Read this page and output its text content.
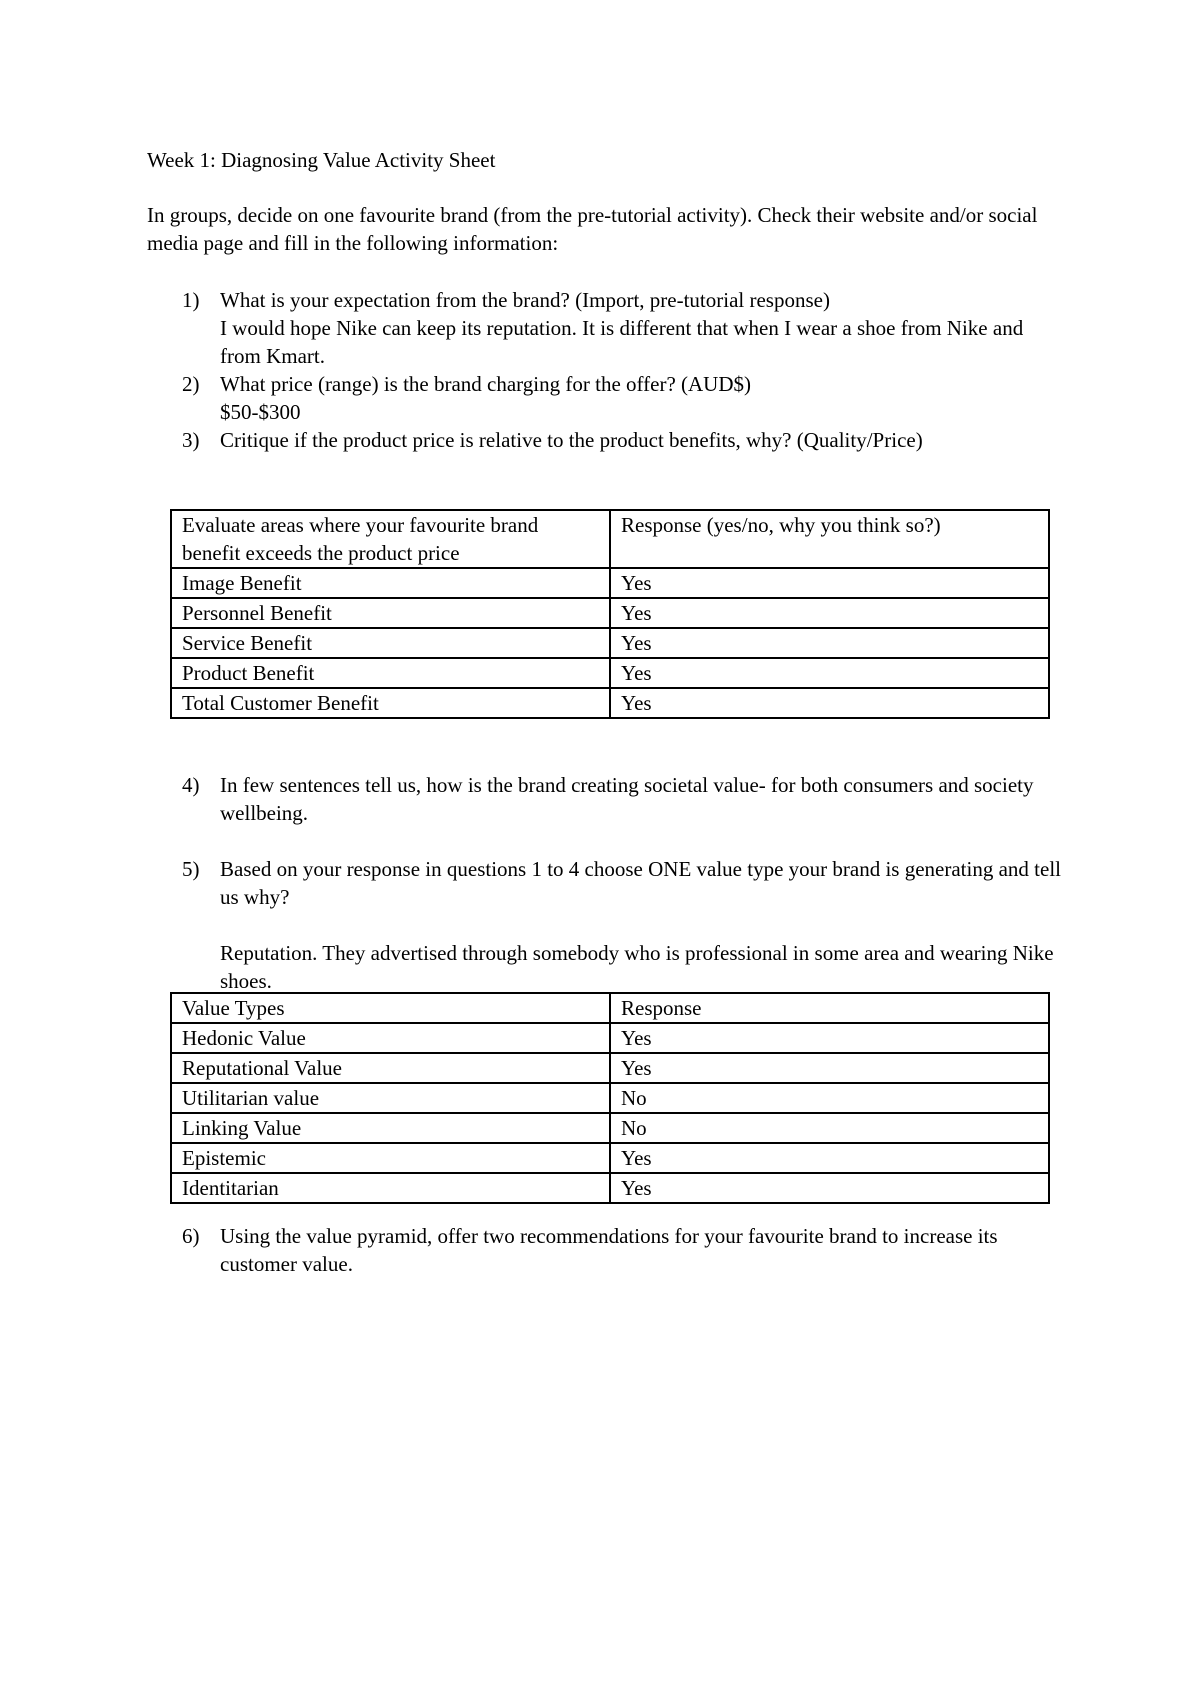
Week 1: Diagnosing Value Activity Sheet

In groups, decide on one favourite brand (from the pre-tutorial activity). Check their website and/or social media page and fill in the following information:

1) What is your expectation from the brand? (Import, pre-tutorial response)
I would hope Nike can keep its reputation. It is different that when I wear a shoe from Nike and from Kmart.
2) What price (range) is the brand charging for the offer? (AUD$)
$50-$300
3) Critique if the product price is relative to the product benefits, why? (Quality/Price)
Evaluate areas where your favourite brand benefit exceeds the product price	Response (yes/no, why you think so?)
Image Benefit	Yes
Personnel Benefit	Yes
Service Benefit	Yes
Product Benefit	Yes
Total Customer Benefit	Yes
4) In few sentences tell us, how is the brand creating societal value- for both consumers and society wellbeing.
5) Based on your response in questions 1 to 4 choose ONE value type your brand is generating and tell us why?
Reputation. They advertised through somebody who is professional in some area and wearing Nike shoes.
Value Types	Response
Hedonic Value	Yes
Reputational Value	Yes
Utilitarian value	No
Linking Value	No
Epistemic	Yes
Identitarian	Yes
6) Using the value pyramid, offer two recommendations for your favourite brand to increase its customer value.
